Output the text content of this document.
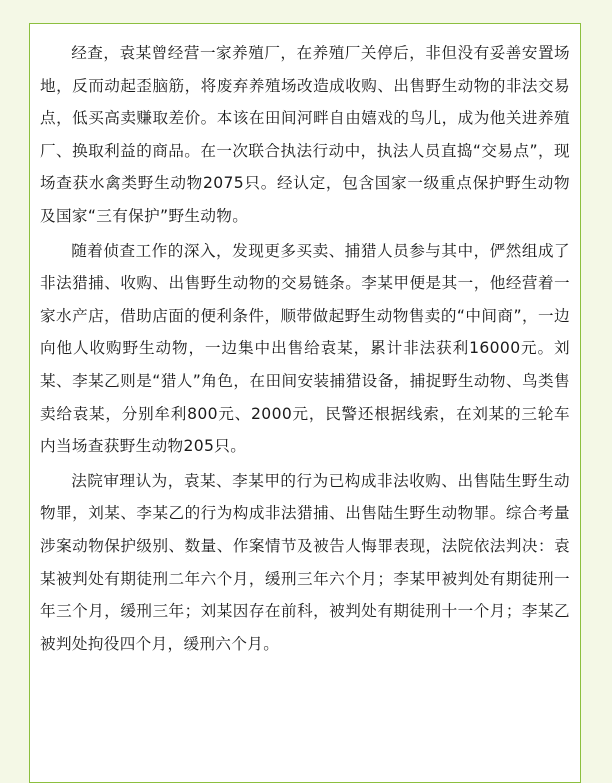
经查，袁某曾经营一家养殖厂，在养殖厂关停后，非但没有妥善安置场地，反而动起歪脑筋，将废弃养殖场改造成收购、出售野生动物的非法交易点，低买高卖赚取差价。本该在田间河畔自由嬉戏的鸟儿，成为他关进养殖厂、换取利益的商品。在一次联合执法行动中，执法人员直捣“交易点”，现场查获水禽类野生动物2075只。经认定，包含国家一级重点保护野生动物及国家“三有保护”野生动物。

随着侦查工作的深入，发现更多买卖、捕猎人员参与其中，俨然组成了非法猎捕、收购、出售野生动物的交易链条。李某甲便是其一，他经营着一家水产店，借助店面的便利条件，顺带做起野生动物售卖的“中间商”，一边向他人收购野生动物，一边集中出售给袁某，累计非法获利16000元。刘某、李某乙则是“猎人”角色，在田间安装捕猎设备，捕捉野生动物、鸟类售卖给袁某，分别牟利800元、2000元，民警还根据线索，在刘某的三轮车内当场查获野生动物205只。

法院审理认为，袁某、李某甲的行为已构成非法收购、出售陆生野生动物罪，刘某、李某乙的行为构成非法猎捕、出售陆生野生动物罪。综合考量涉案动物保护级别、数量、作案情节及被告人悔罪表现，法院依法判决：袁某被判处有期徒刑二年六个月，缓刑三年六个月；李某甲被判处有期徒刑一年三个月，缓刑三年；刘某因存在前科，被判处有期徒刑十一个月；李某乙被判处拘役四个月，缓刑六个月。
